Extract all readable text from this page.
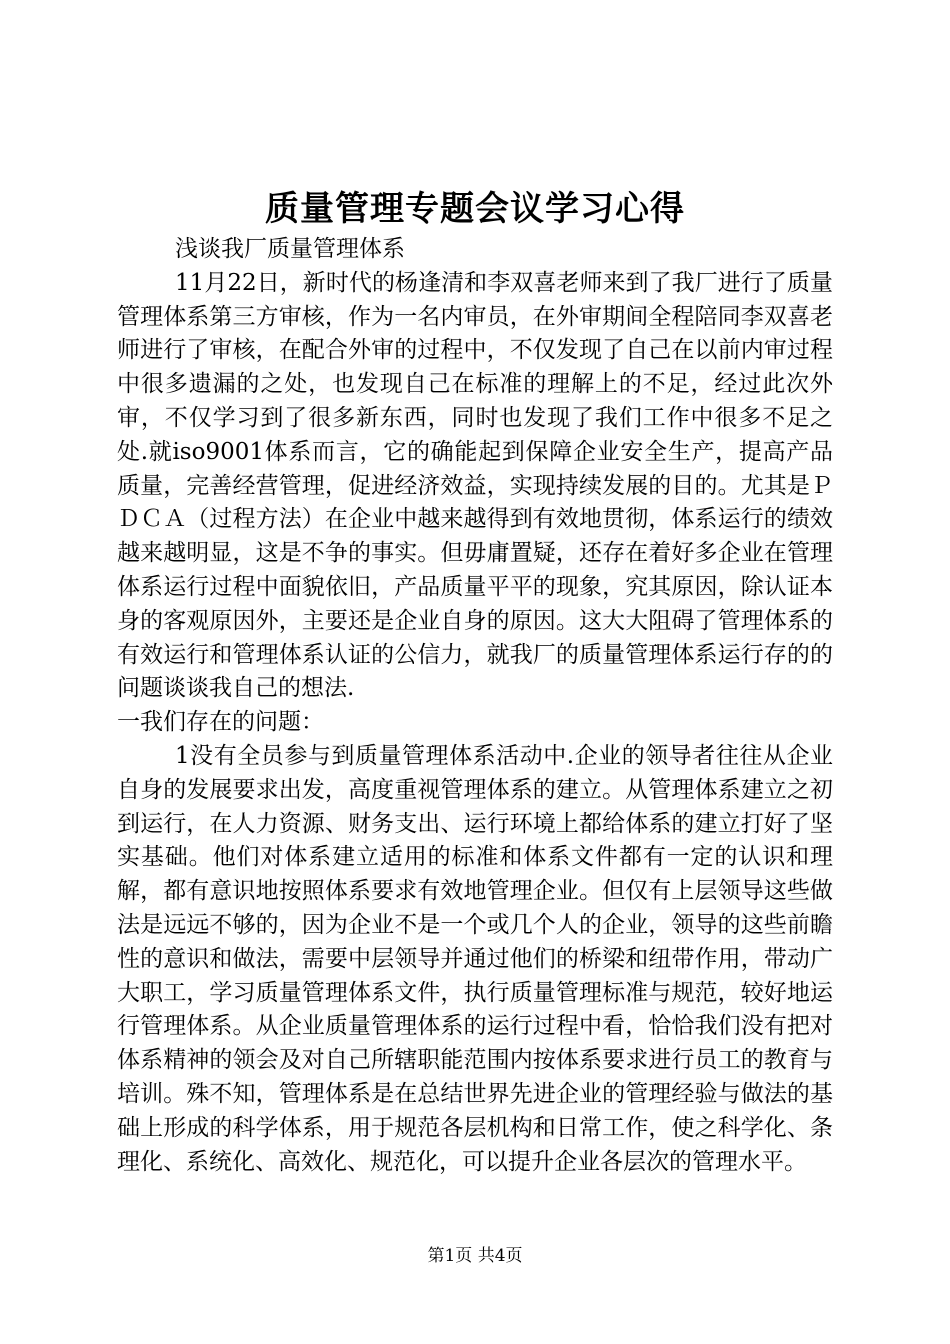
质量管理专题会议学习心得

浅谈我厂质量管理体系

11月22日，新时代的杨逢清和李双喜老师来到了我厂进行了质量管理体系第三方审核，作为一名内审员，在外审期间全程陪同李双喜老师进行了审核，在配合外审的过程中，不仅发现了自己在以前内审过程中很多遗漏的之处，也发现自己在标准的理解上的不足，经过此次外审，不仅学习到了很多新东西，同时也发现了我们工作中很多不足之处.就iso9001体系而言，它的确能起到保障企业安全生产，提高产品质量，完善经营管理，促进经济效益，实现持续发展的目的。尤其是ＰＤＣＡ（过程方法）在企业中越来越得到有效地贯彻，体系运行的绩效越来越明显，这是不争的事实。但毋庸置疑，还存在着好多企业在管理体系运行过程中面貌依旧，产品质量平平的现象，究其原因，除认证本身的客观原因外，主要还是企业自身的原因。这大大阻碍了管理体系的有效运行和管理体系认证的公信力，就我厂的质量管理体系运行存的的问题谈谈我自己的想法.

一我们存在的问题：

1没有全员参与到质量管理体系活动中.企业的领导者往往从企业自身的发展要求出发，高度重视管理体系的建立。从管理体系建立之初到运行，在人力资源、财务支出、运行环境上都给体系的建立打好了坚实基础。他们对体系建立适用的标准和体系文件都有一定的认识和理解，都有意识地按照体系要求有效地管理企业。但仅有上层领导这些做法是远远不够的，因为企业不是一个或几个人的企业，领导的这些前瞻性的意识和做法，需要中层领导并通过他们的桥梁和纽带作用，带动广大职工，学习质量管理体系文件，执行质量管理标准与规范，较好地运行管理体系。从企业质量管理体系的运行过程中看，恰恰我们没有把对体系精神的领会及对自己所辖职能范围内按体系要求进行员工的教育与培训。殊不知，管理体系是在总结世界先进企业的管理经验与做法的基础上形成的科学体系，用于规范各层机构和日常工作，使之科学化、条理化、系统化、高效化、规范化，可以提升企业各层次的管理水平。

第1页 共4页
